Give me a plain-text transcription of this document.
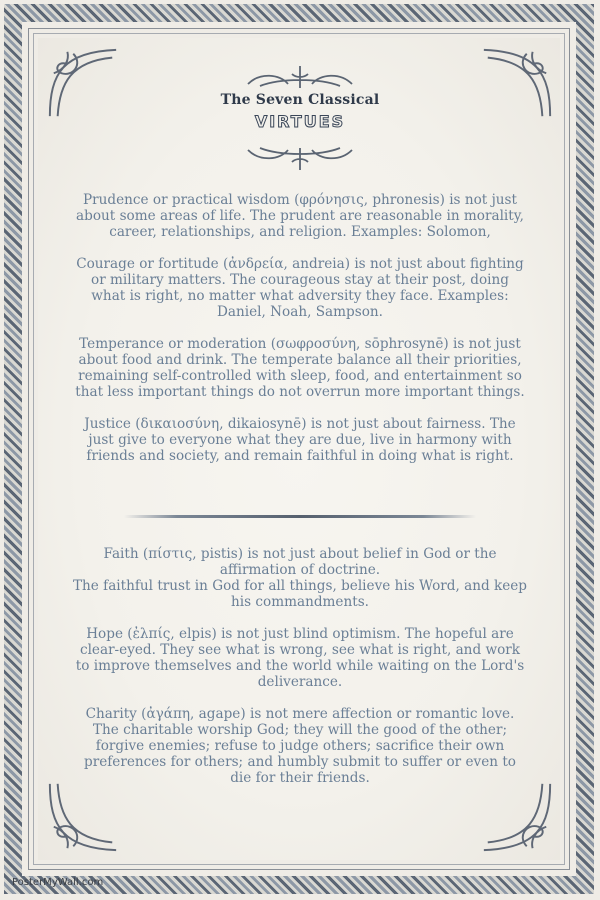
The Seven Classical
VIRTUES

Prudence or practical wisdom (φρόνησις, phronesis) is not just about some areas of life. The prudent are reasonable in morality, career, relationships, and religion. Examples: Solomon,

Courage or fortitude (ἀνδρεία, andreia) is not just about fighting or military matters. The courageous stay at their post, doing what is right, no matter what adversity they face. Examples: Daniel, Noah, Sampson.

Temperance or moderation (σωφροσύνη, sōphrosynē) is not just about food and drink. The temperate balance all their priorities, remaining self-controlled with sleep, food, and entertainment so that less important things do not overrun more important things.

Justice (δικαιοσύνη, dikaiosynē) is not just about fairness. The just give to everyone what they are due, live in harmony with friends and society, and remain faithful in doing what is right.

Faith (πίστις, pistis) is not just about belief in God or the affirmation of doctrine.
The faithful trust in God for all things, believe his Word, and keep his commandments.

Hope (ἐλπίς, elpis) is not just blind optimism. The hopeful are clear-eyed. They see what is wrong, see what is right, and work to improve themselves and the world while waiting on the Lord's deliverance.

Charity (ἀγάπη, agape) is not mere affection or romantic love. The charitable worship God; they will the good of the other; forgive enemies; refuse to judge others; sacrifice their own preferences for others; and humbly submit to suffer or even to die for their friends.

PosterMyWall.com
